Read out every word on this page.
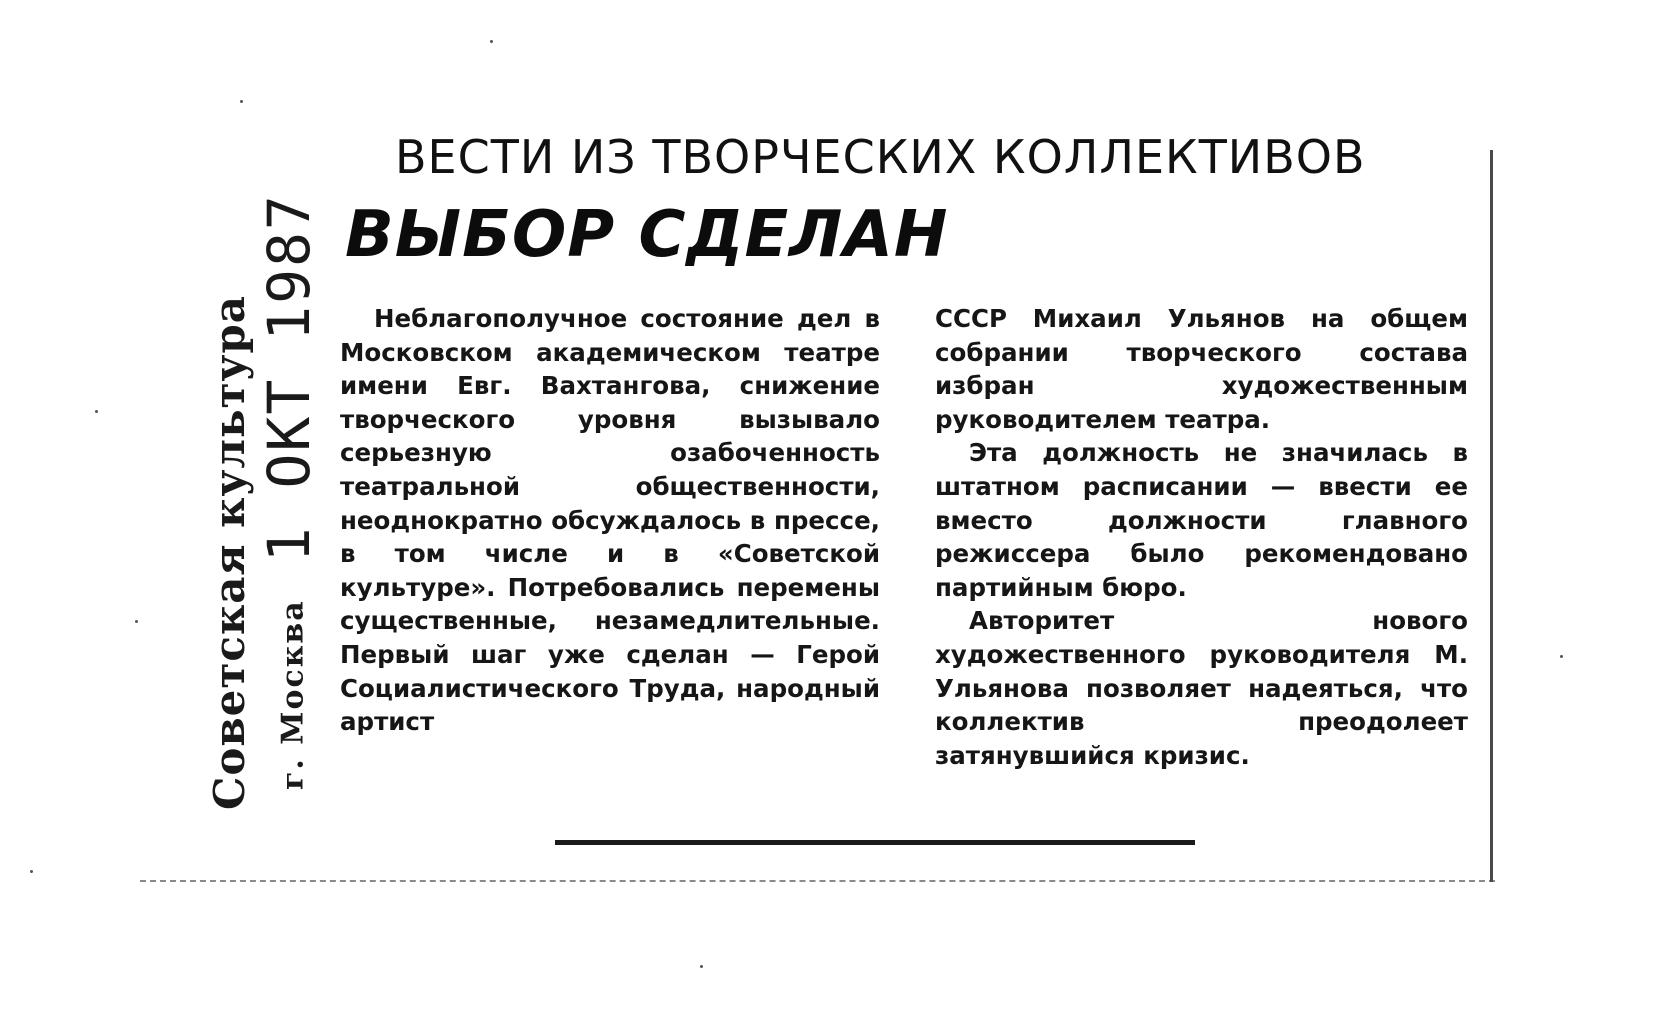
Советская культура г. Москва 1 ОКТ 1987
ВЕСТИ ИЗ ТВОРЧЕСКИХ КОЛЛЕКТИВОВ
ВЫБОР СДЕЛАН

Неблагополучное состояние дел в Московском академическом театре имени Евг. Вахтангова, снижение творческого уровня вызывало серьезную озабоченность театральной общественности, неоднократно обсуждалось в прессе, в том числе и в «Советской культуре». Потребовались перемены существенные, незамедлительные. Первый шаг уже сделан — Герой Социалистического Труда, народный артист

СССР Михаил Ульянов на общем собрании творческого состава избран художественным руководителем театра.

Эта должность не значилась в штатном расписании — ввести ее вместо должности главного режиссера было рекомендовано партийным бюро.

Авторитет нового художественного руководителя М. Ульянова позволяет надеяться, что коллектив преодолеет затянувшийся кризис.
